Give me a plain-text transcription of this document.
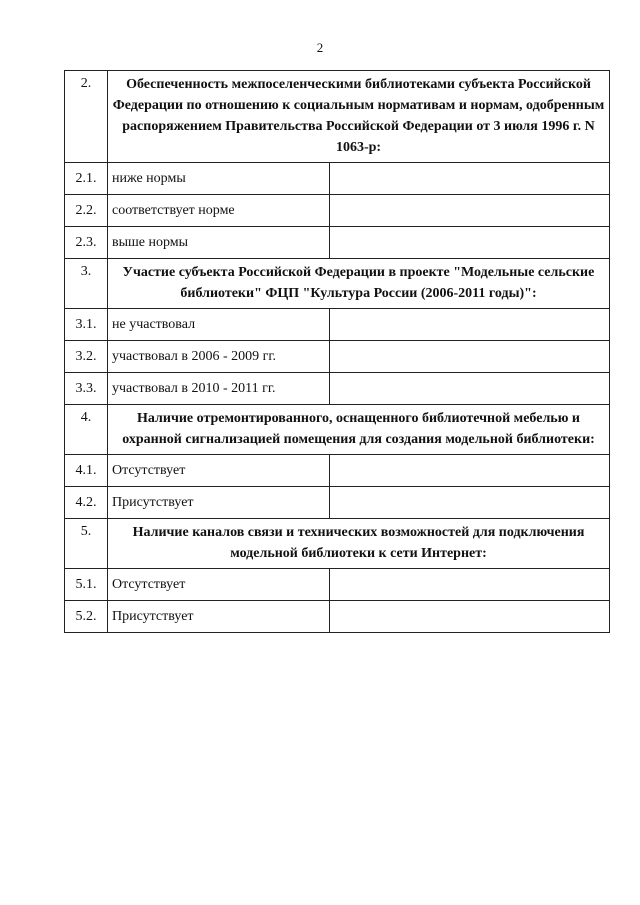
2
2.	Обеспеченность межпоселенческими библиотеками субъекта Российской Федерации по отношению к социальным нормативам и нормам, одобренным распоряжением Правительства Российской Федерации от 3 июля 1996 г. N 1063-р:	
2.1.	ниже нормы	
2.2.	соответствует норме	
2.3.	выше нормы	
3.	Участие субъекта Российской Федерации в проекте "Модельные сельские библиотеки" ФЦП "Культура России (2006-2011 годы)":	
3.1.	не участвовал	
3.2.	участвовал в 2006 - 2009 гг.	
3.3.	участвовал в 2010 - 2011 гг.	
4.	Наличие отремонтированного, оснащенного библиотечной мебелью и охранной сигнализацией помещения для создания модельной библиотеки:	
4.1.	Отсутствует	
4.2.	Присутствует	
5.	Наличие каналов связи и технических возможностей для подключения модельной библиотеки к сети Интернет:	
5.1.	Отсутствует	
5.2.	Присутствует	
